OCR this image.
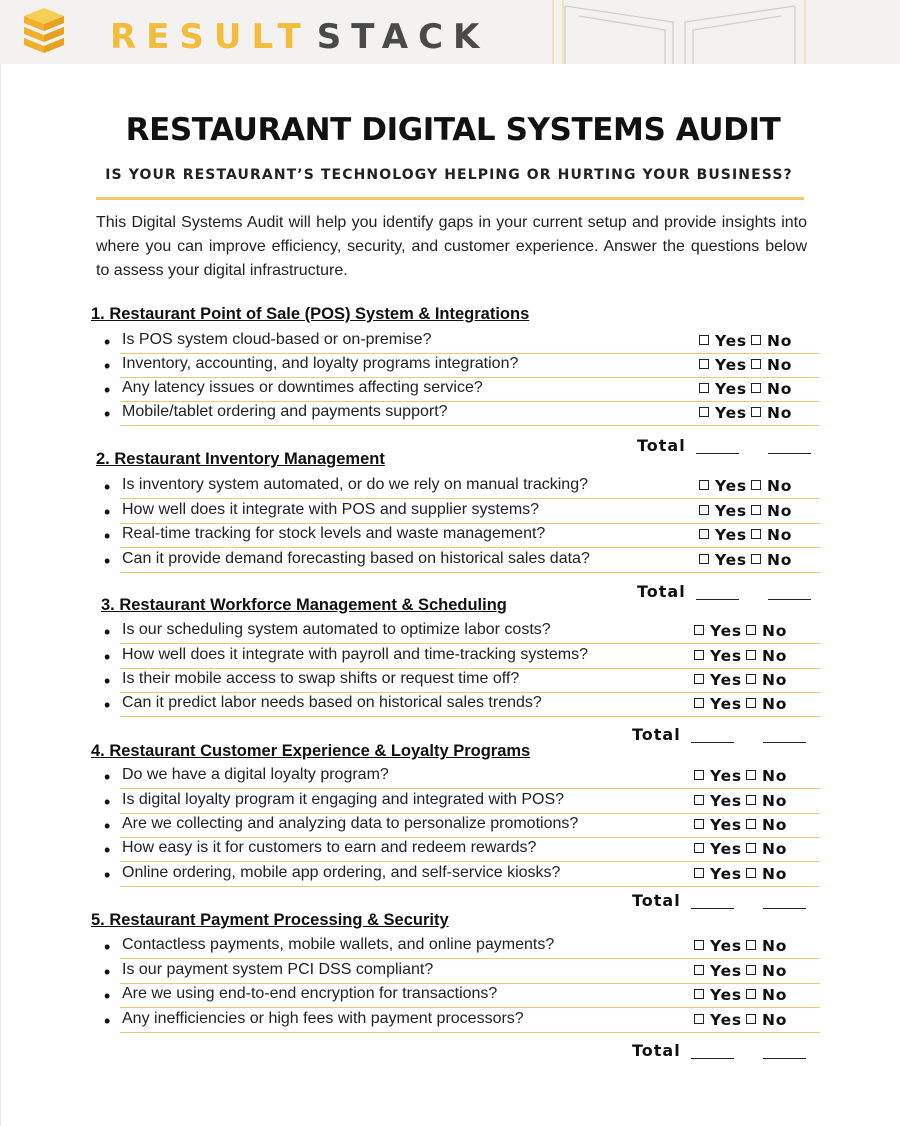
RESULT STACK
RESTAURANT DIGITAL SYSTEMS AUDIT
IS YOUR RESTAURANT’S TECHNOLOGY HELPING OR HURTING YOUR BUSINESS?

This Digital Systems Audit will help you identify gaps in your current setup and provide insights into where you can improve efficiency, security, and customer experience. Answer the questions below to assess your digital infrastructure.

1. Restaurant Point of Sale (POS) System & Integrations
• Is POS system cloud-based or on-premise?	Yes No
• Inventory, accounting, and loyalty programs integration?	Yes No
• Any latency issues or downtimes affecting service?	Yes No
• Mobile/tablet ordering and payments support?	Yes No
Total
2. Restaurant Inventory Management
• Is inventory system automated, or do we rely on manual tracking?	Yes No
• How well does it integrate with POS and supplier systems?	Yes No
• Real-time tracking for stock levels and waste management?	Yes No
• Can it provide demand forecasting based on historical sales data?	Yes No
Total
3. Restaurant Workforce Management & Scheduling
• Is our scheduling system automated to optimize labor costs?	Yes No
• How well does it integrate with payroll and time-tracking systems?	Yes No
• Is their mobile access to swap shifts or request time off?	Yes No
• Can it predict labor needs based on historical sales trends?	Yes No
Total
4. Restaurant Customer Experience & Loyalty Programs
• Do we have a digital loyalty program?	Yes No
• Is digital loyalty program it engaging and integrated with POS?	Yes No
• Are we collecting and analyzing data to personalize promotions?	Yes No
• How easy is it for customers to earn and redeem rewards?	Yes No
• Online ordering, mobile app ordering, and self-service kiosks?	Yes No
Total
5. Restaurant Payment Processing & Security
• Contactless payments, mobile wallets, and online payments?	Yes No
• Is our payment system PCI DSS compliant?	Yes No
• Are we using end-to-end encryption for transactions?	Yes No
• Any inefficiencies or high fees with payment processors?	Yes No
Total
